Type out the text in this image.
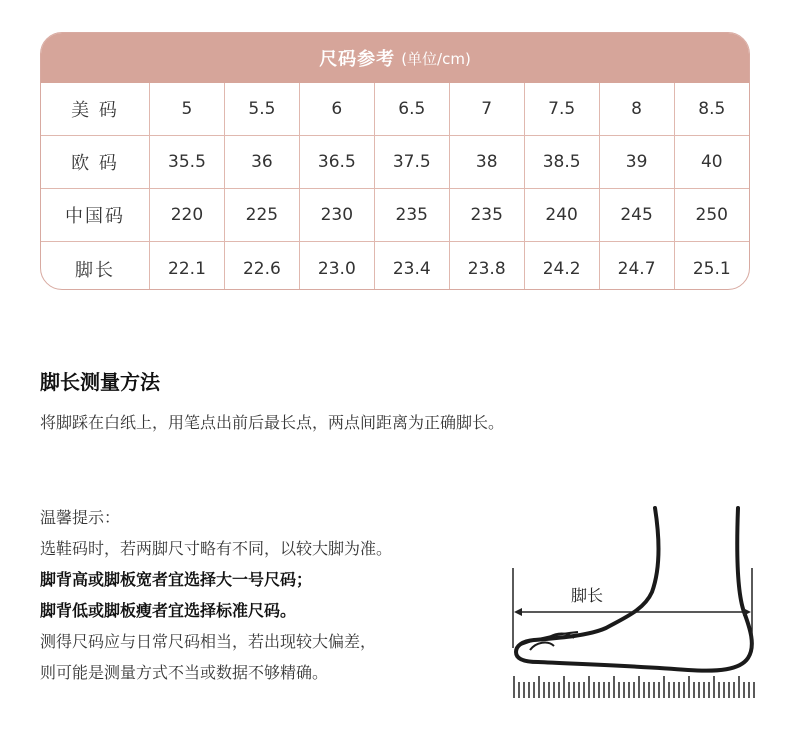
尺码参考 (单位/cm)
美 码	5	5.5	6	6.5	7	7.5	8	8.5
欧 码	35.5	36	36.5	37.5	38	38.5	39	40
中国码	220	225	230	235	235	240	245	250
脚长	22.1	22.6	23.0	23.4	23.8	24.2	24.7	25.1
脚长测量方法
将脚踩在白纸上，用笔点出前后最长点，两点间距离为正确脚长。
温馨提示：
选鞋码时，若两脚尺寸略有不同，以较大脚为准。
脚背高或脚板宽者宜选择大一号尺码；
脚背低或脚板瘦者宜选择标准尺码。
测得尺码应与日常尺码相当，若出现较大偏差，
则可能是测量方式不当或数据不够精确。
脚长
